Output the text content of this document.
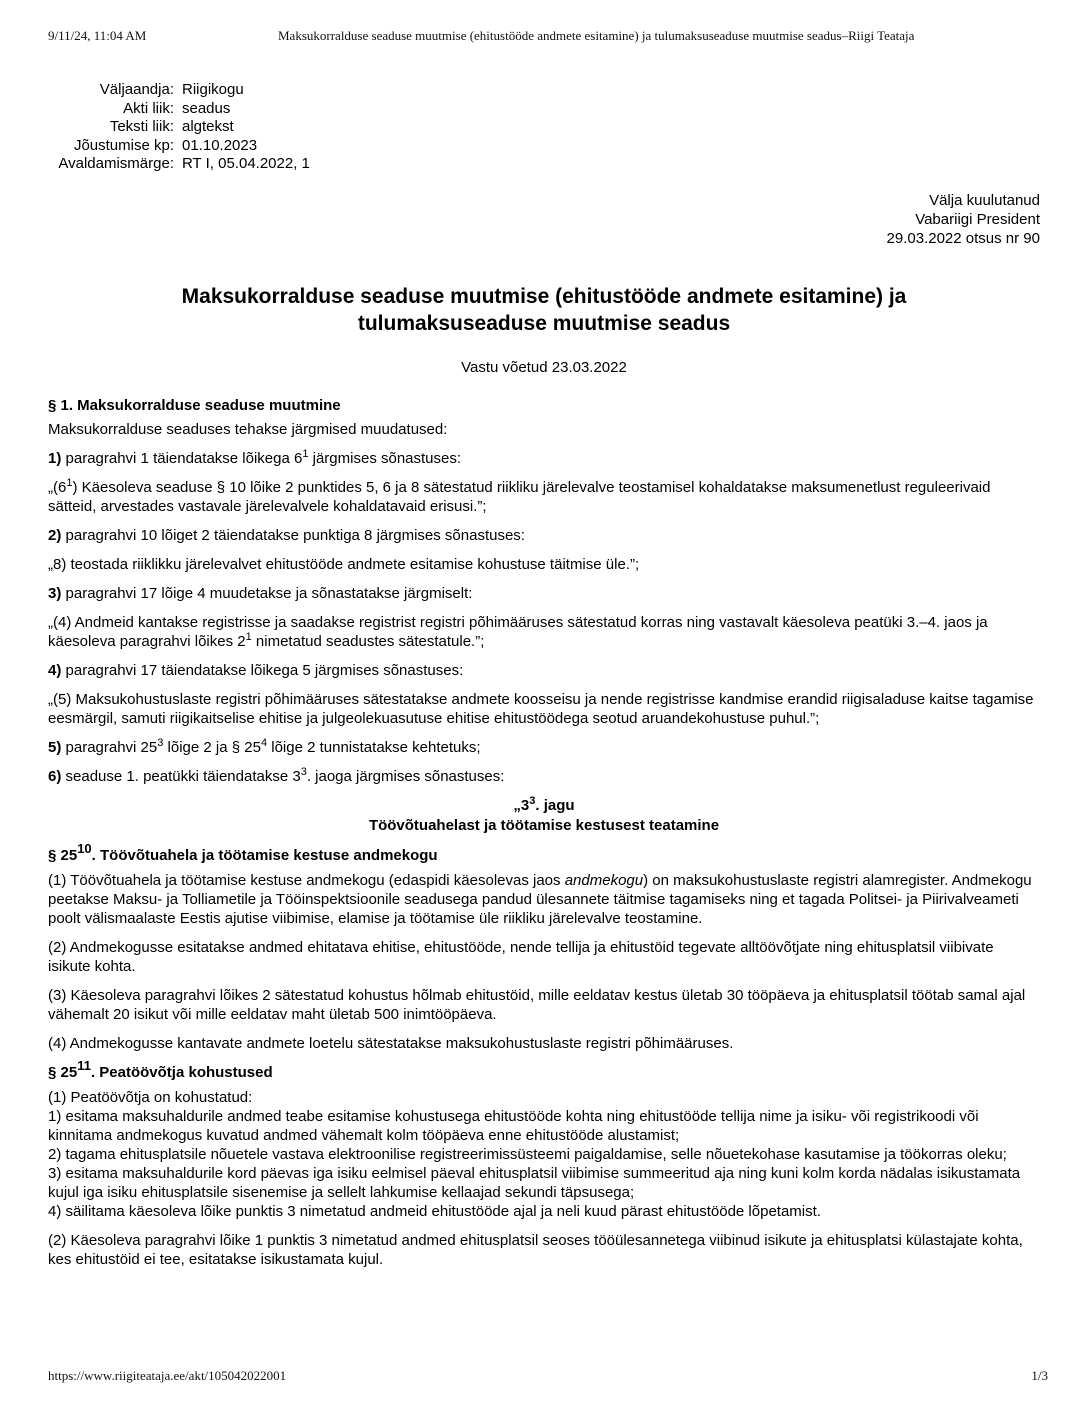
9/11/24, 11:04 AM	Maksukorralduse seaduse muutmise (ehitustööde andmete esitamine) ja tulumaksuseaduse muutmise seadus–Riigi Teataja
Väljaandja: Riigikogu
Akti liik: seadus
Teksti liik: algtekst
Jõustumise kp: 01.10.2023
Avaldamismärge: RT I, 05.04.2022, 1
Välja kuulutanud
Vabariigi President
29.03.2022 otsus nr 90
Maksukorralduse seaduse muutmise (ehitustööde andmete esitamine) ja
tulumaksuseaduse muutmise seadus
Vastu võetud 23.03.2022
§ 1. Maksukorralduse seaduse muutmine

Maksukorralduse seaduses tehakse järgmised muudatused:

1) paragrahvi 1 täiendatakse lõikega $6^1$ järgmises sõnastuses:

$„(6^1)$ Käesoleva seaduse § 10 lõike 2 punktides 5, 6 ja 8 sätestatud riikliku järelevalve teostamisel kohaldatakse maksumenetlust reguleerivaid sätteid, arvestades vastavale järelevalvele kohaldatavaid erisusi.”;

2) paragrahvi 10 lõiget 2 täiendatakse punktiga 8 järgmises sõnastuses:

„8) teostada riiklikku järelevalvet ehitustööde andmete esitamise kohustuse täitmise üle.”;

3) paragrahvi 17 lõige 4 muudetakse ja sõnastatakse järgmiselt:

„(4) Andmeid kantakse registrisse ja saadakse registrist registri põhimääruses sätestatud korras ning vastavalt käesoleva peatüki 3.–4. jaos ja käesoleva paragrahvi lõikes $2^1$ nimetatud seadustes sätestatule.”;

4) paragrahvi 17 täiendatakse lõikega 5 järgmises sõnastuses:

„(5) Maksukohustuslaste registri põhimääruses sätestatakse andmete koosseisu ja nende registrisse kandmise erandid riigisaladuse kaitse tagamise eesmärgil, samuti riigikaitselise ehitise ja julgeolekuasutuse ehitise ehitustöödega seotud aruandekohustuse puhul.”;

5) paragrahvi $25^3$ lõige 2 ja § $25^4$ lõige 2 tunnistatakse kehtetuks;

6) seaduse 1. peatükki täiendatakse $3^3$. jaoga järgmises sõnastuses:

$„3^3$. jagu
Töövõtuahelast ja töötamise kestusest teatamine
§ $25^{10}$. Töövõtuahela ja töötamise kestuse andmekogu

(1) Töövõtuahela ja töötamise kestuse andmekogu (edaspidi käesolevas jaos andmekogu) on maksukohustuslaste registri alamregister. Andmekogu peetakse Maksu- ja Tolliametile ja Tööinspektsioonile seadusega pandud ülesannete täitmise tagamiseks ning et tagada Politsei- ja Piirivalveameti poolt välismaalaste Eestis ajutise viibimise, elamise ja töötamise üle riikliku järelevalve teostamine.

(2) Andmekogusse esitatakse andmed ehitatava ehitise, ehitustööde, nende tellija ja ehitustöid tegevate alltöövõtjate ning ehitusplatsil viibivate isikute kohta.

(3) Käesoleva paragrahvi lõikes 2 sätestatud kohustus hõlmab ehitustöid, mille eeldatav kestus ületab 30 tööpäeva ja ehitusplatsil töötab samal ajal vähemalt 20 isikut või mille eeldatav maht ületab 500 inimtööpäeva.

(4) Andmekogusse kantavate andmete loetelu sätestatakse maksukohustuslaste registri põhimääruses.

§ $25^{11}$. Peatöövõtja kohustused
(1) Peatöövõtja on kohustatud:
1) esitama maksuhaldurile andmed teabe esitamise kohustusega ehitustööde kohta ning ehitustööde tellija nime ja isiku- või registrikoodi või kinnitama andmekogus kuvatud andmed vähemalt kolm tööpäeva enne ehitustööde alustamist;
2) tagama ehitusplatsile nõuetele vastava elektroonilise registreerimissüsteemi paigaldamise, selle nõuetekohase kasutamise ja töökorras oleku;
3) esitama maksuhaldurile kord päevas iga isiku eelmisel päeval ehitusplatsil viibimise summeeritud aja ning kuni kolm korda nädalas isikustamata kujul iga isiku ehitusplatsile sisenemise ja sellelt lahkumise kellaajad sekundi täpsusega;

4) säilitama käesoleva lõike punktis 3 nimetatud andmeid ehitustööde ajal ja neli kuud pärast ehitustööde lõpetamist.

(2) Käesoleva paragrahvi lõike 1 punktis 3 nimetatud andmed ehitusplatsil seoses tööülesannetega viibinud isikute ja ehitusplatsi külastajate kohta, kes ehitustöid ei tee, esitatakse isikustamata kujul.

https://www.riigiteataja.ee/akt/105042022001	1/3
